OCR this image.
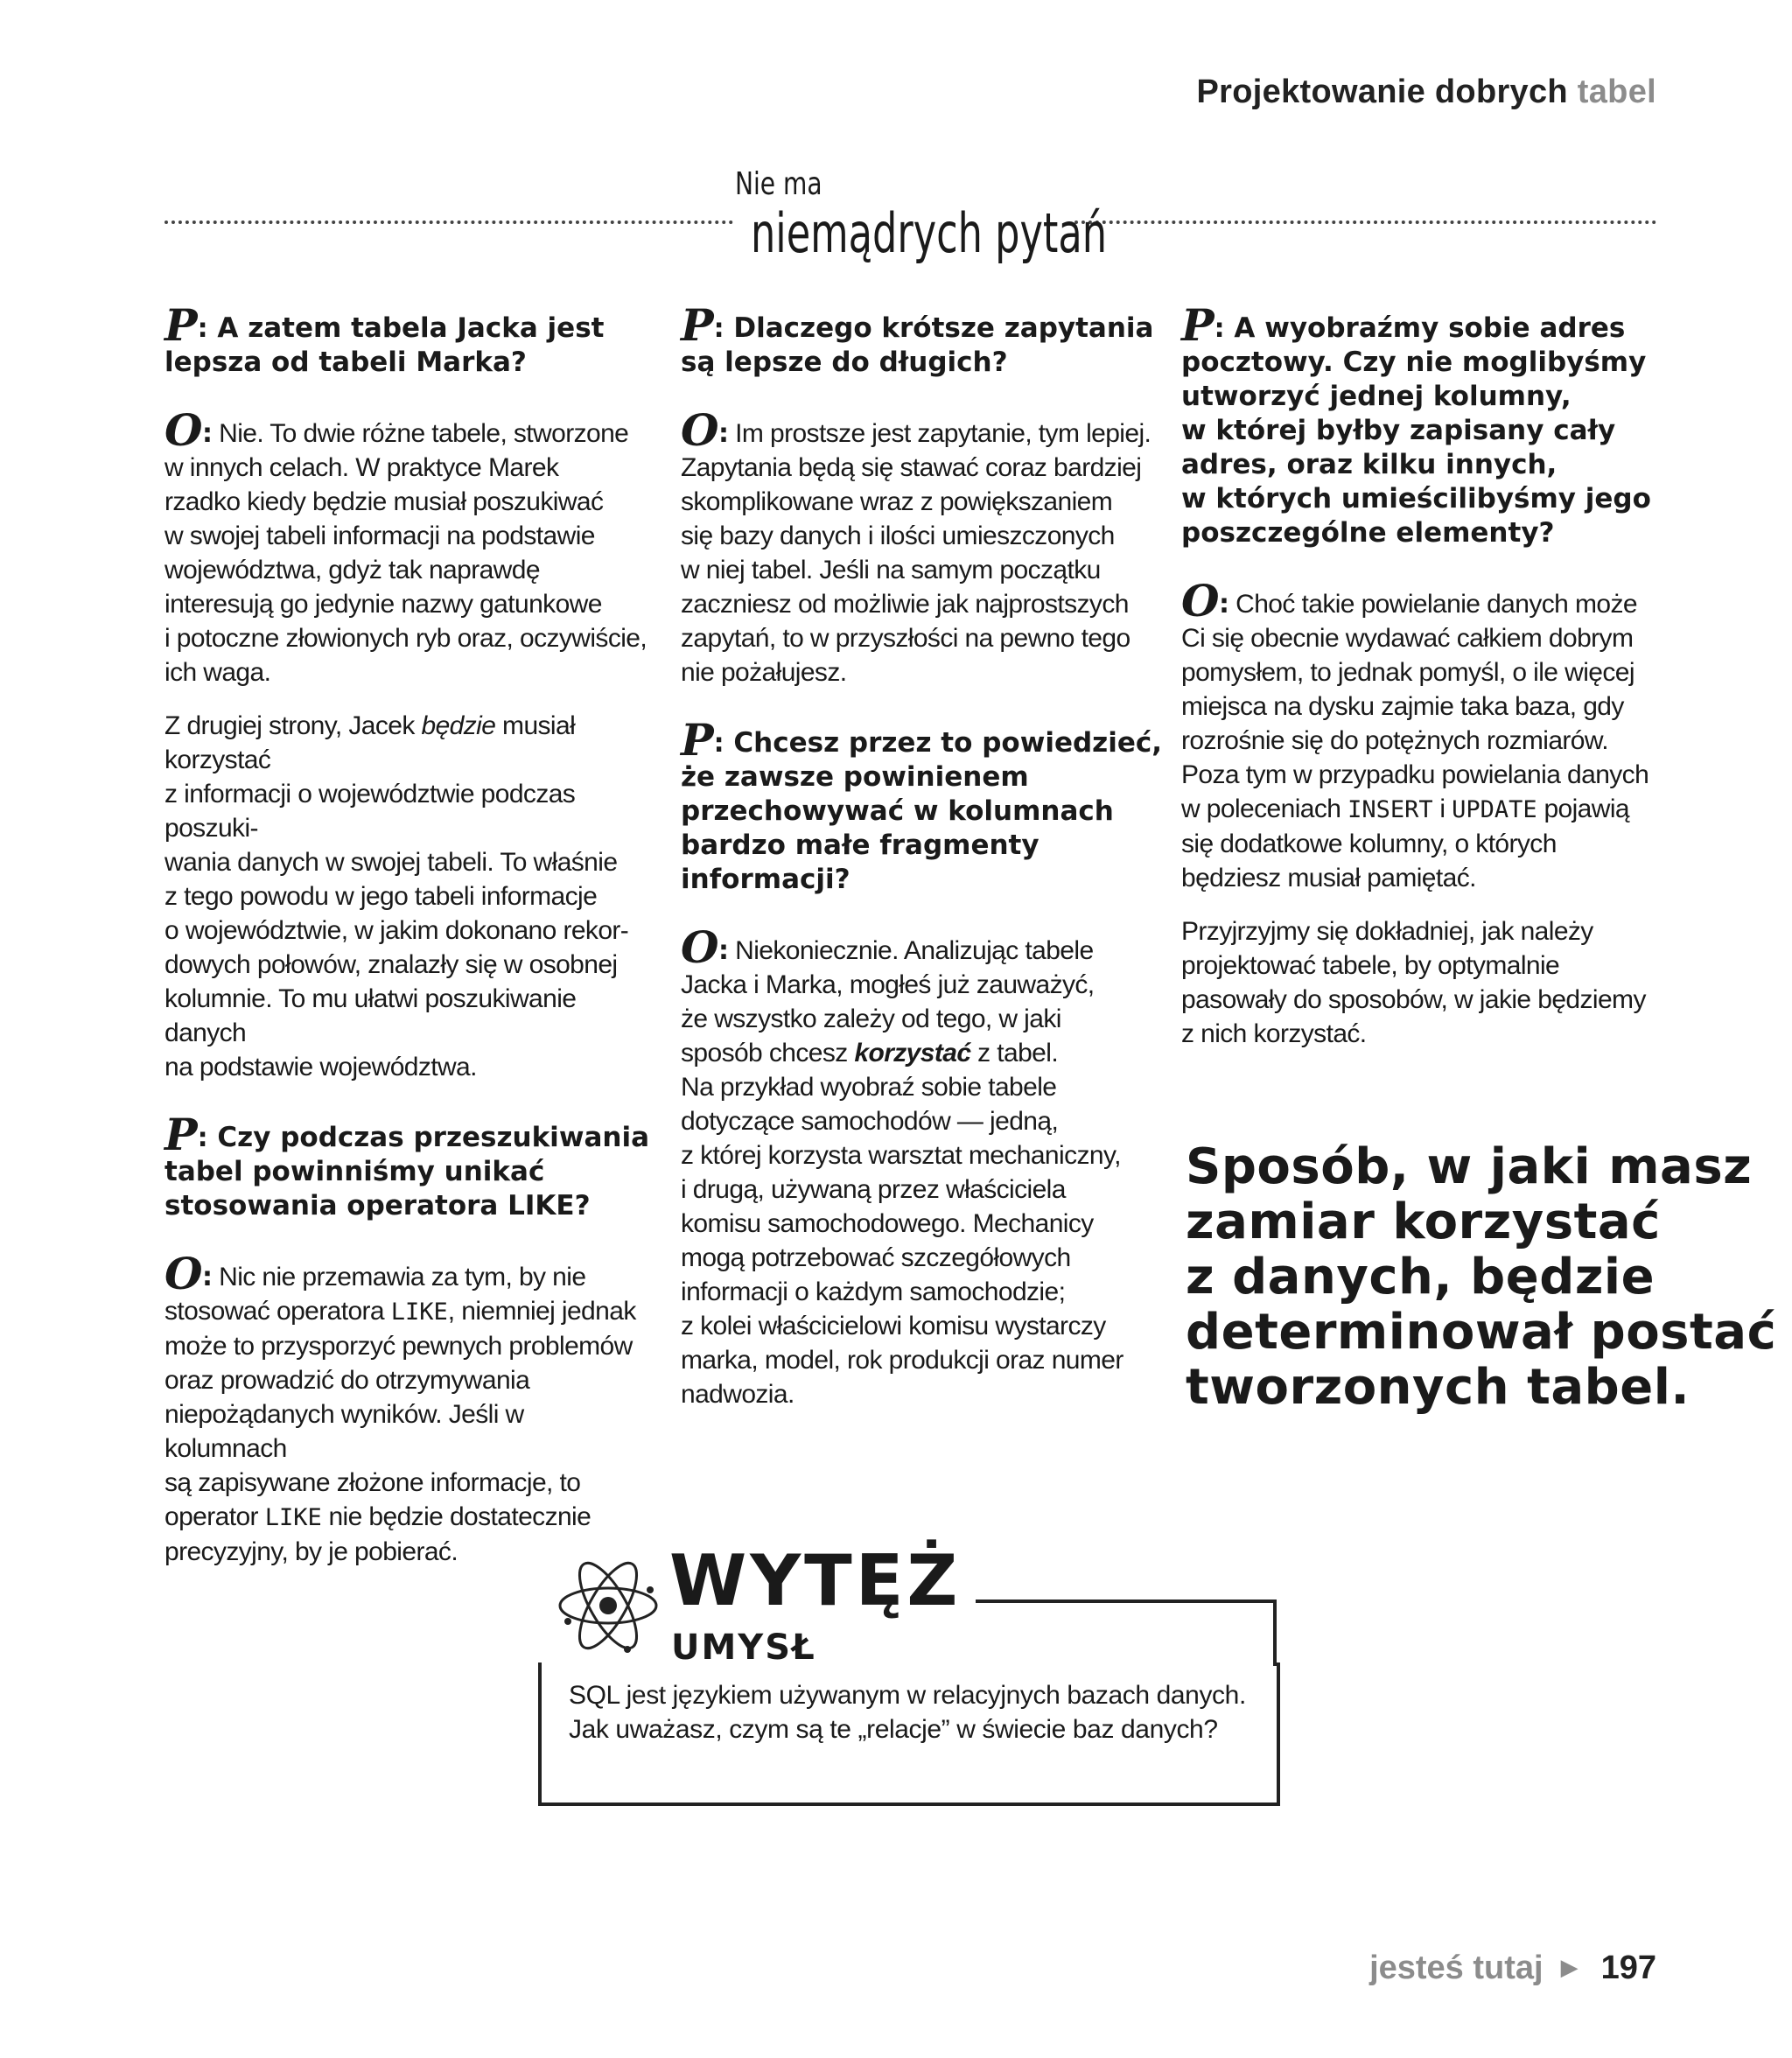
Projektowanie dobrych tabel
Nie ma
niemądrych pytań
P: A zatem tabela Jacka jest
lepsza od tabeli Marka?
O: Nie. To dwie różne tabele, stworzone
w innych celach. W praktyce Marek
rzadko kiedy będzie musiał poszukiwać
w swojej tabeli informacji na podstawie
województwa, gdyż tak naprawdę
interesują go jedynie nazwy gatunkowe
i potoczne złowionych ryb oraz, oczywiście,
ich waga.
Z drugiej strony, Jacek będzie musiał korzystać
z informacji o województwie podczas poszuki-
wania danych w swojej tabeli. To właśnie
z tego powodu w jego tabeli informacje
o województwie, w jakim dokonano rekor-
dowych połowów, znalazły się w osobnej
kolumnie. To mu ułatwi poszukiwanie danych
na podstawie województwa.
P: Czy podczas przeszukiwania
tabel powinniśmy unikać
stosowania operatora LIKE?
O: Nic nie przemawia za tym, by nie
stosować operatora LIKE, niemniej jednak
może to przysporzyć pewnych problemów
oraz prowadzić do otrzymywania
niepożądanych wyników. Jeśli w kolumnach
są zapisywane złożone informacje, to
operator LIKE nie będzie dostatecznie
precyzyjny, by je pobierać.
P: Dlaczego krótsze zapytania
są lepsze do długich?
O: Im prostsze jest zapytanie, tym lepiej.
Zapytania będą się stawać coraz bardziej
skomplikowane wraz z powiększaniem
się bazy danych i ilości umieszczonych
w niej tabel. Jeśli na samym początku
zaczniesz od możliwie jak najprostszych
zapytań, to w przyszłości na pewno tego
nie pożałujesz.
P: Chcesz przez to powiedzieć,
że zawsze powinienem
przechowywać w kolumnach
bardzo małe fragmenty
informacji?
O: Niekoniecznie. Analizując tabele
Jacka i Marka, mogłeś już zauważyć,
że wszystko zależy od tego, w jaki
sposób chcesz korzystać z tabel.
Na przykład wyobraź sobie tabele
dotyczące samochodów — jedną,
z której korzysta warsztat mechaniczny,
i drugą, używaną przez właściciela
komisu samochodowego. Mechanicy
mogą potrzebować szczegółowych
informacji o każdym samochodzie;
z kolei właścicielowi komisu wystarczy
marka, model, rok produkcji oraz numer
nadwozia.
P: A wyobraźmy sobie adres
pocztowy. Czy nie moglibyśmy
utworzyć jednej kolumny,
w której byłby zapisany cały
adres, oraz kilku innych,
w których umieścilibyśmy jego
poszczególne elementy?
O: Choć takie powielanie danych może
Ci się obecnie wydawać całkiem dobrym
pomysłem, to jednak pomyśl, o ile więcej
miejsca na dysku zajmie taka baza, gdy
rozrośnie się do potężnych rozmiarów.
Poza tym w przypadku powielania danych
w poleceniach INSERT i UPDATE pojawią
się dodatkowe kolumny, o których
będziesz musiał pamiętać.
Przyjrzyjmy się dokładniej, jak należy
projektować tabele, by optymalnie
pasowały do sposobów, w jakie będziemy
z nich korzystać.
Sposób, w jaki masz
zamiar korzystać
z danych, będzie
determinował postać
tworzonych tabel.
WYTĘŻ
UMYSŁ
SQL jest językiem używanym w relacyjnych bazach danych.
Jak uważasz, czym są te „relacje” w świecie baz danych?
jesteś tutaj ▶ 197
